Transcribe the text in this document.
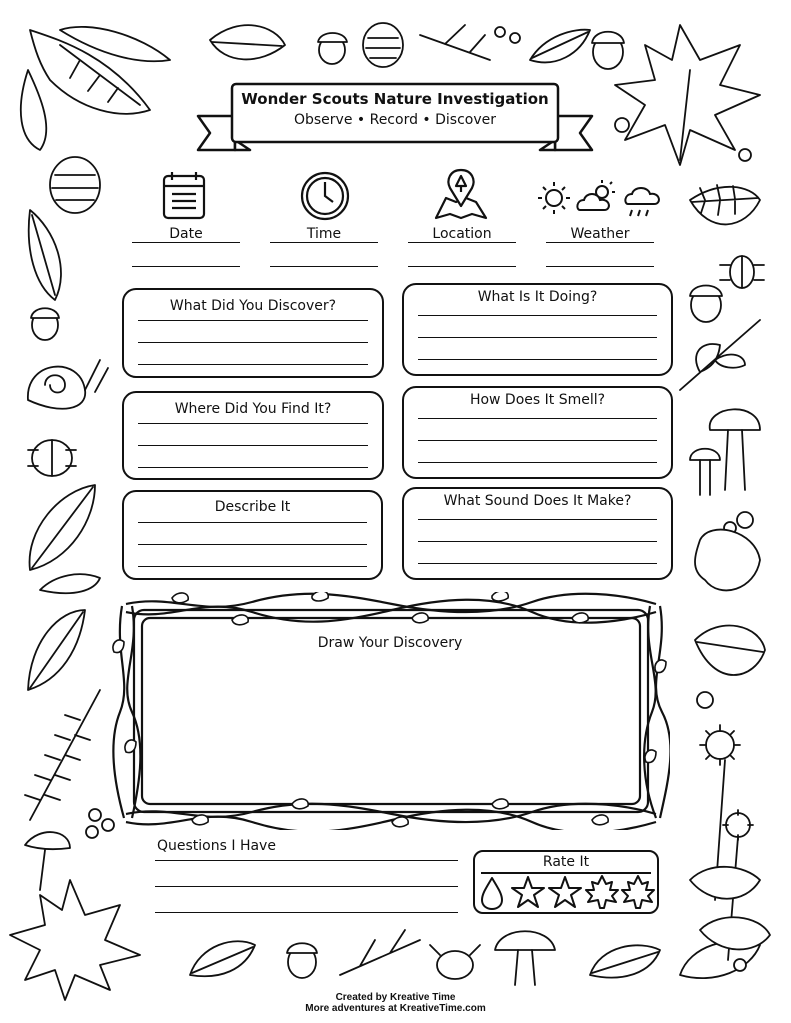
Wonder Scouts Nature Investigation
Observe • Record • Discover
Date	Time	Location	Weather
What Did You Discover?
What Is It Doing?
Where Did You Find It?
How Does It Smell?
Describe It	What Sound Does It Make?
Draw Your Discovery
Questions I Have
Rate It
Created by Kreative Time
More adventures at KreativeTime.com
